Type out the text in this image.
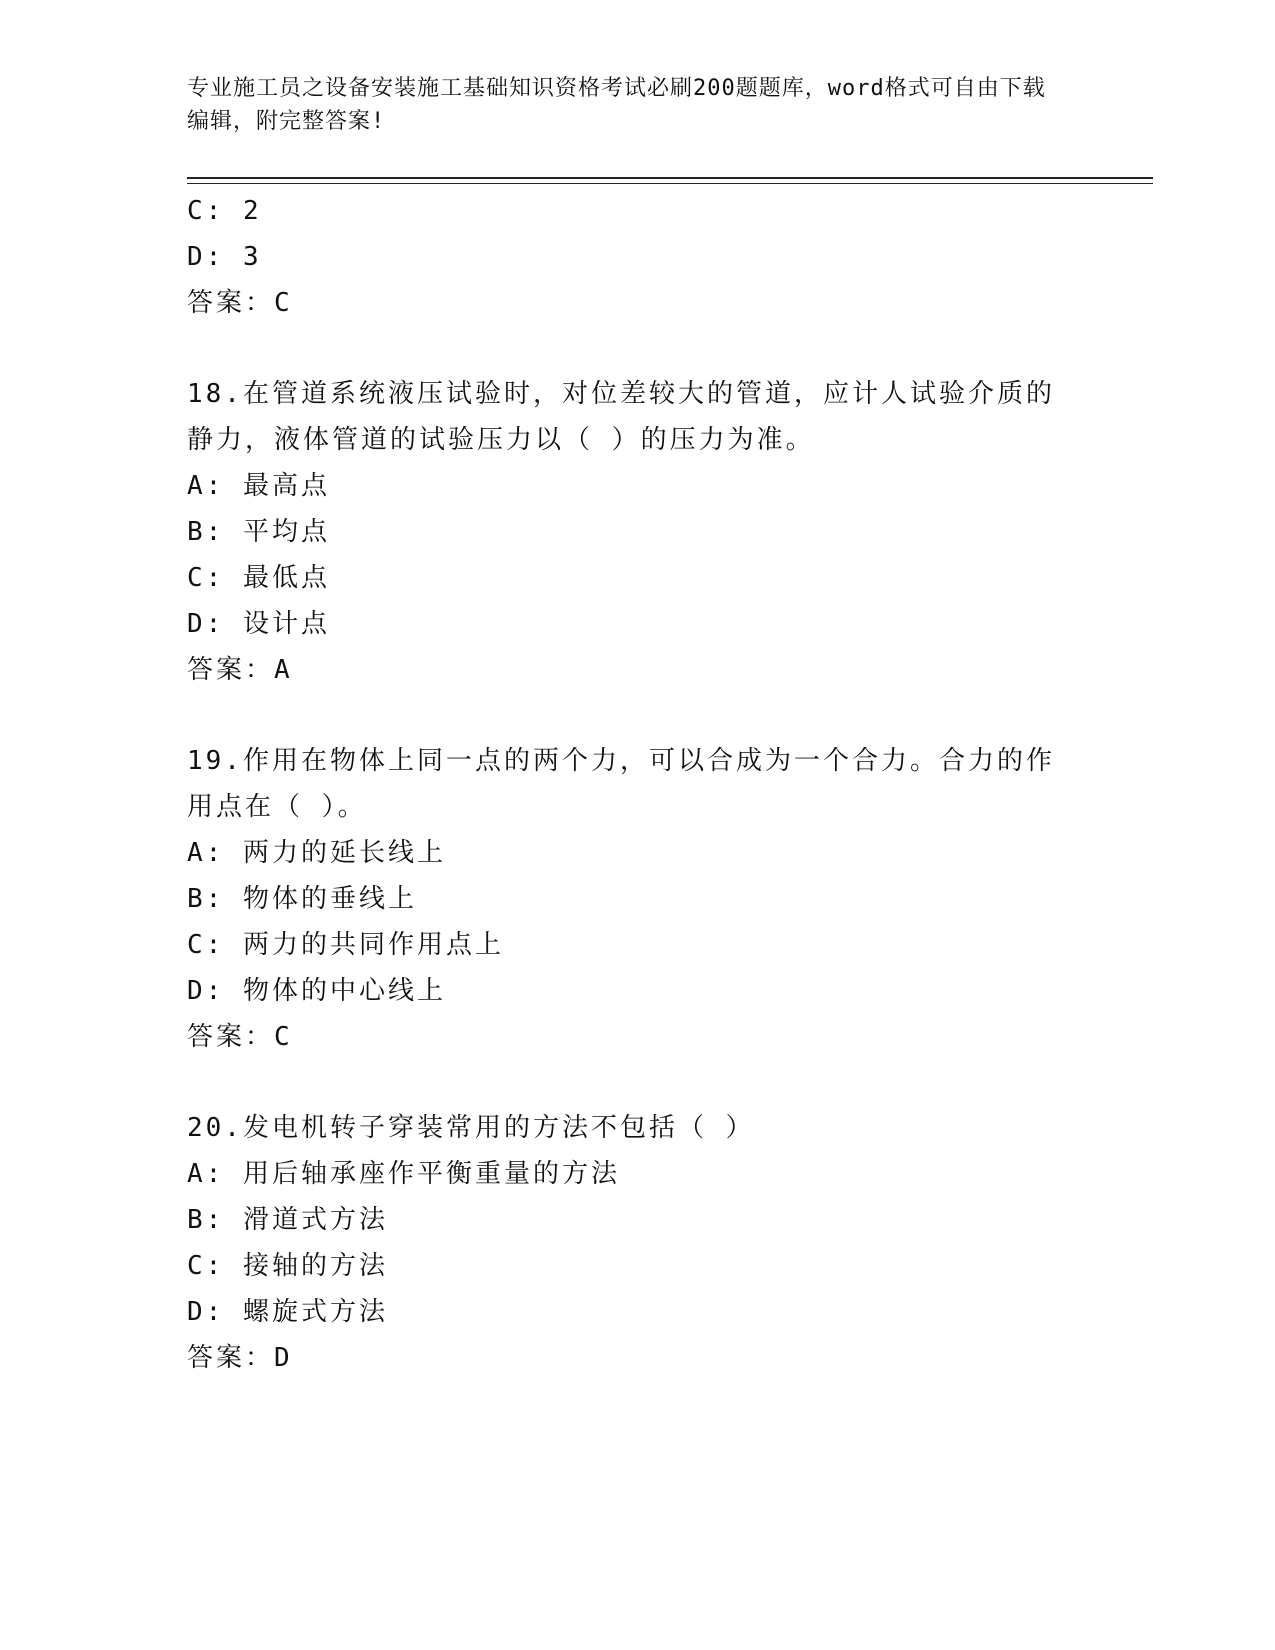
专业施工员之设备安装施工基础知识资格考试必刷200题题库，word格式可自由下载编辑，附完整答案!
C: 2
D: 3
答案：C
18.在管道系统液压试验时，对位差较大的管道，应计人试验介质的静力，液体管道的试验压力以（ ）的压力为准。
A: 最高点
B: 平均点
C: 最低点
D: 设计点
答案：A
19.作用在物体上同一点的两个力，可以合成为一个合力。合力的作用点在（ ）。
A: 两力的延长线上
B: 物体的垂线上
C: 两力的共同作用点上
D: 物体的中心线上
答案：C
20.发电机转子穿装常用的方法不包括（ ）
A: 用后轴承座作平衡重量的方法
B: 滑道式方法
C: 接轴的方法
D: 螺旋式方法
答案：D
